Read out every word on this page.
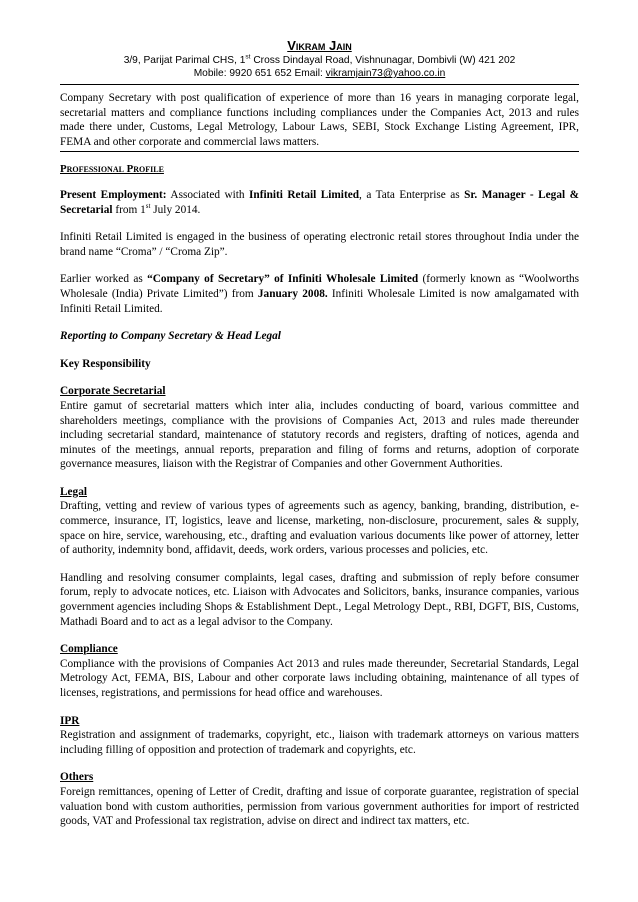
Vikram Jain
3/9, Parijat Parimal CHS, 1st Cross Dindayal Road, Vishnunagar, Dombivli (W) 421 202
Mobile: 9920 651 652 Email: vikramjain73@yahoo.co.in

Company Secretary with post qualification of experience of more than 16 years in managing corporate legal, secretarial matters and compliance functions including compliances under the Companies Act, 2013 and rules made there under, Customs, Legal Metrology, Labour Laws, SEBI, Stock Exchange Listing Agreement, IPR, FEMA and other corporate and commercial laws matters.

Professional Profile

Present Employment: Associated with Infiniti Retail Limited, a Tata Enterprise as Sr. Manager - Legal & Secretarial from 1st July 2014.

Infiniti Retail Limited is engaged in the business of operating electronic retail stores throughout India under the brand name “Croma” / “Croma Zip”.

Earlier worked as “Company of Secretary” of Infiniti Wholesale Limited (formerly known as “Woolworths Wholesale (India) Private Limited”) from January 2008. Infiniti Wholesale Limited is now amalgamated with Infiniti Retail Limited.

Reporting to Company Secretary & Head Legal

Key Responsibility

Corporate Secretarial

Entire gamut of secretarial matters which inter alia, includes conducting of board, various committee and shareholders meetings, compliance with the provisions of Companies Act, 2013 and rules made thereunder including secretarial standard, maintenance of statutory records and registers, drafting of notices, agenda and minutes of the meetings, annual reports, preparation and filing of forms and returns, adoption of corporate governance measures, liaison with the Registrar of Companies and other Government Authorities.

Legal

Drafting, vetting and review of various types of agreements such as agency, banking, branding, distribution, e-commerce, insurance, IT, logistics, leave and license, marketing, non-disclosure, procurement, sales & supply, space on hire, service, warehousing, etc., drafting and evaluation various documents like power of attorney, letter of authority, indemnity bond, affidavit, deeds, work orders, various processes and policies, etc.

Handling and resolving consumer complaints, legal cases, drafting and submission of reply before consumer forum, reply to advocate notices, etc. Liaison with Advocates and Solicitors, banks, insurance companies, various government agencies including Shops & Establishment Dept., Legal Metrology Dept., RBI, DGFT, BIS, Customs, Mathadi Board and to act as a legal advisor to the Company.

Compliance

Compliance with the provisions of Companies Act 2013 and rules made thereunder, Secretarial Standards, Legal Metrology Act, FEMA, BIS, Labour and other corporate laws including obtaining, maintenance of all types of licenses, registrations, and permissions for head office and warehouses.

IPR

Registration and assignment of trademarks, copyright, etc., liaison with trademark attorneys on various matters including filling of opposition and protection of trademark and copyrights, etc.

Others

Foreign remittances, opening of Letter of Credit, drafting and issue of corporate guarantee, registration of special valuation bond with custom authorities, permission from various government authorities for import of restricted goods, VAT and Professional tax registration, advise on direct and indirect tax matters, etc.
